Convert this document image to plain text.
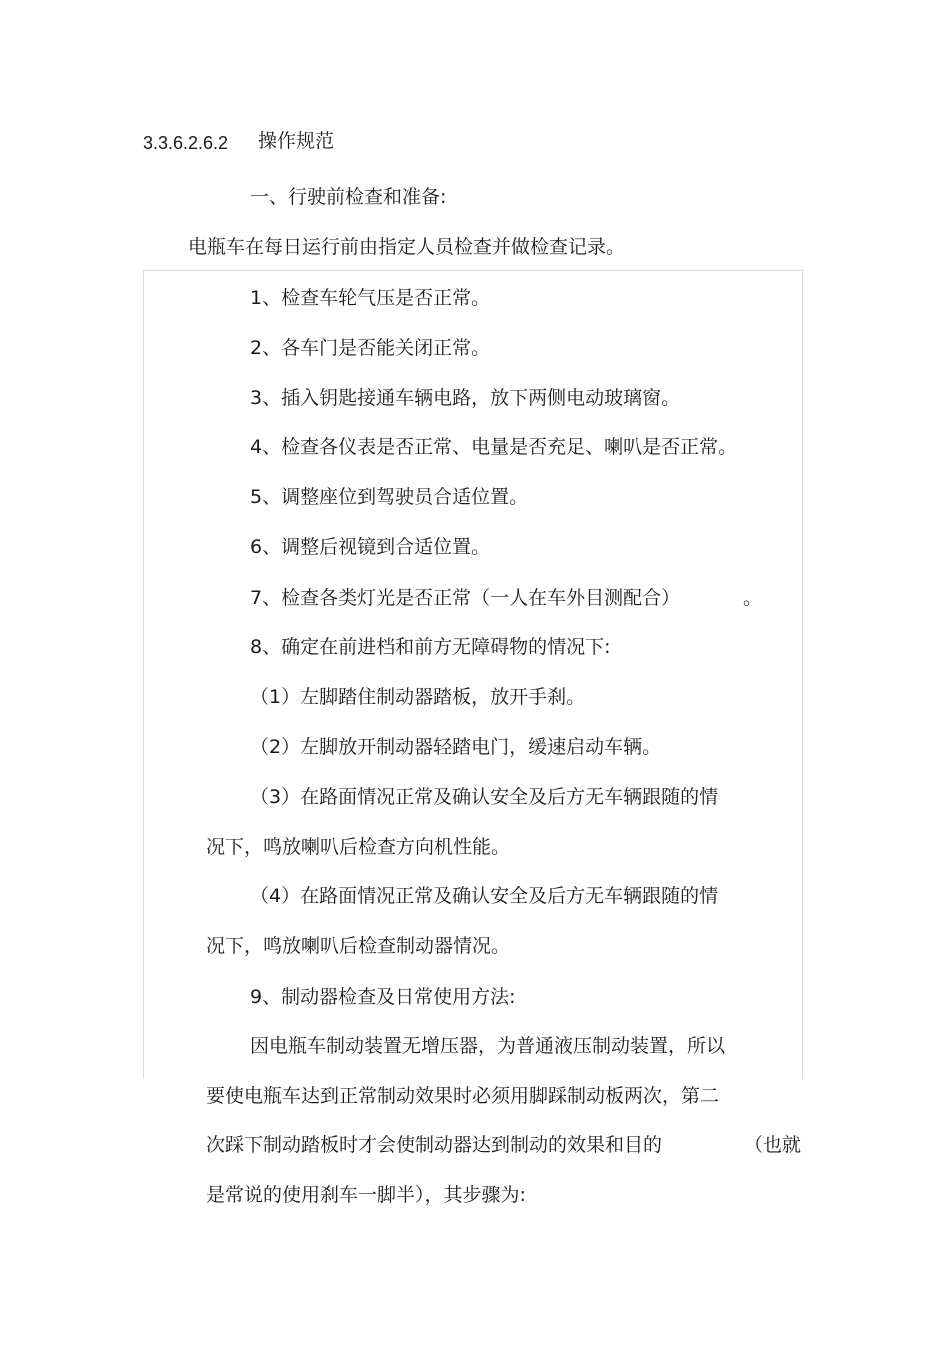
3.3.6.2.6.2 操作规范
一、行驶前检查和准备:
电瓶车在每日运行前由指定人员检查并做检查记录。
1、检查车轮气压是否正常。
2、各车门是否能关闭正常。
3、插入钥匙接通车辆电路，放下两侧电动玻璃窗。
4、检查各仪表是否正常、电量是否充足、喇叭是否正常。
5、调整座位到驾驶员合适位置。
6、调整后视镜到合适位置。
7、检查各类灯光是否正常（一人在车外目测配合）	。
8、确定在前进档和前方无障碍物的情况下:
（1）左脚踏住制动器踏板，放开手刹。
（2）左脚放开制动器轻踏电门，缓速启动车辆。
（3）在路面情况正常及确认安全及后方无车辆跟随的情
况下，鸣放喇叭后检查方向机性能。
（4）在路面情况正常及确认安全及后方无车辆跟随的情
况下，鸣放喇叭后检查制动器情况。
9、制动器检查及日常使用方法:
因电瓶车制动装置无增压器，为普通液压制动装置，所以
要使电瓶车达到正常制动效果时必须用脚踩制动板两次，第二
次踩下制动踏板时才会使制动器达到制动的效果和目的	（也就
是常说的使用刹车一脚半），其步骤为:
